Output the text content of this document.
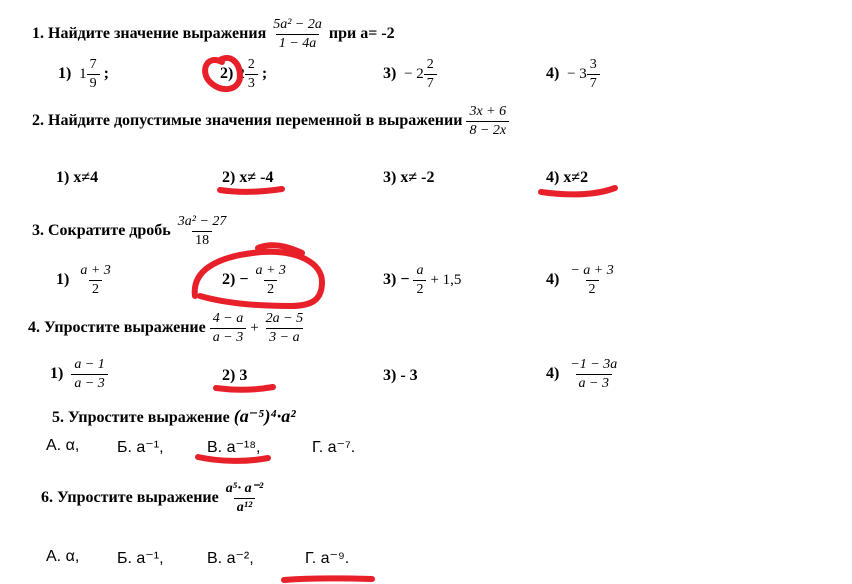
1. Найдите значение выражения $\frac{\text{5a² − 2a}}{1 - 4a}$ при a= -2
1) $1 \frac{7}{9}$ ;	2) $2 \frac{2}{3}$ ;	$3) - 2 \frac{2}{7}$	$4) - 3 \frac{3}{7}$
2. Найдите допустимые значения переменной в выражении $\frac{3x + 6}{8 - 2x}$
1) x≠4	2) x≠ -4	3) x≠ -2	4) x≠2
3. Сократите дробь $\frac{\text{3a² − 27}}{18}$
$1) \frac{a + 3}{2}$	$2) - \frac{a + 3}{2}$	$3) - \frac{a}{2} + 1,5$	$4) \frac{- a + 3}{2}$
4. Упростите выражение $\frac{4 - a}{a - 3} + \frac{2a - 5}{3 - a}$
$1) \frac{a - 1}{a - 3}$	2) 3	3) - 3	$4) \frac{-1 - 3a}{a - 3}$
5. Упростите выражение (a⁻⁵)⁴·a²
А. α, Б. a⁻¹,	В. a⁻¹⁸,	Г. a⁻⁷.
6. Упростите выражение $\frac{\text{a⁵· a⁻²}}{\text{a¹²}}$
А. α, Б. a⁻¹,	В. a⁻²,	Г. a⁻⁹.
